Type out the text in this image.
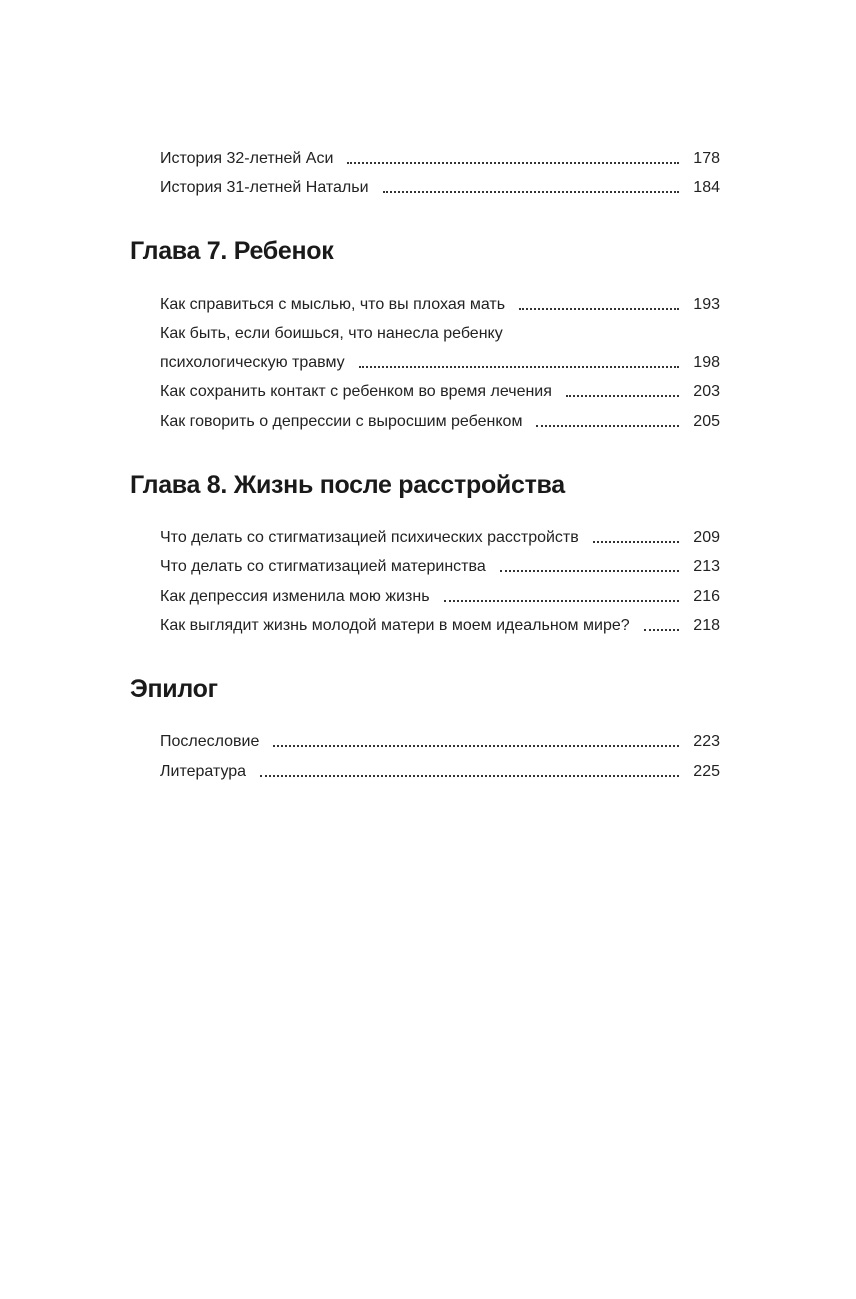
История 32-летней Аси	178
История 31-летней Натальи	184
Глава 7. Ребенок
Как справиться с мыслью, что вы плохая мать	193
Как быть, если боишься, что нанесла ребенку
психологическую травму	198
Как сохранить контакт с ребенком во время лечения	203
Как говорить о депрессии с выросшим ребенком	205
Глава 8. Жизнь после расстройства
Что делать со стигматизацией психических расстройств	209
Что делать со стигматизацией материнства	213
Как депрессия изменила мою жизнь	216
Как выглядит жизнь молодой матери в моем идеальном мире?	218
Эпилог
Послесловие	223
Литература	225
